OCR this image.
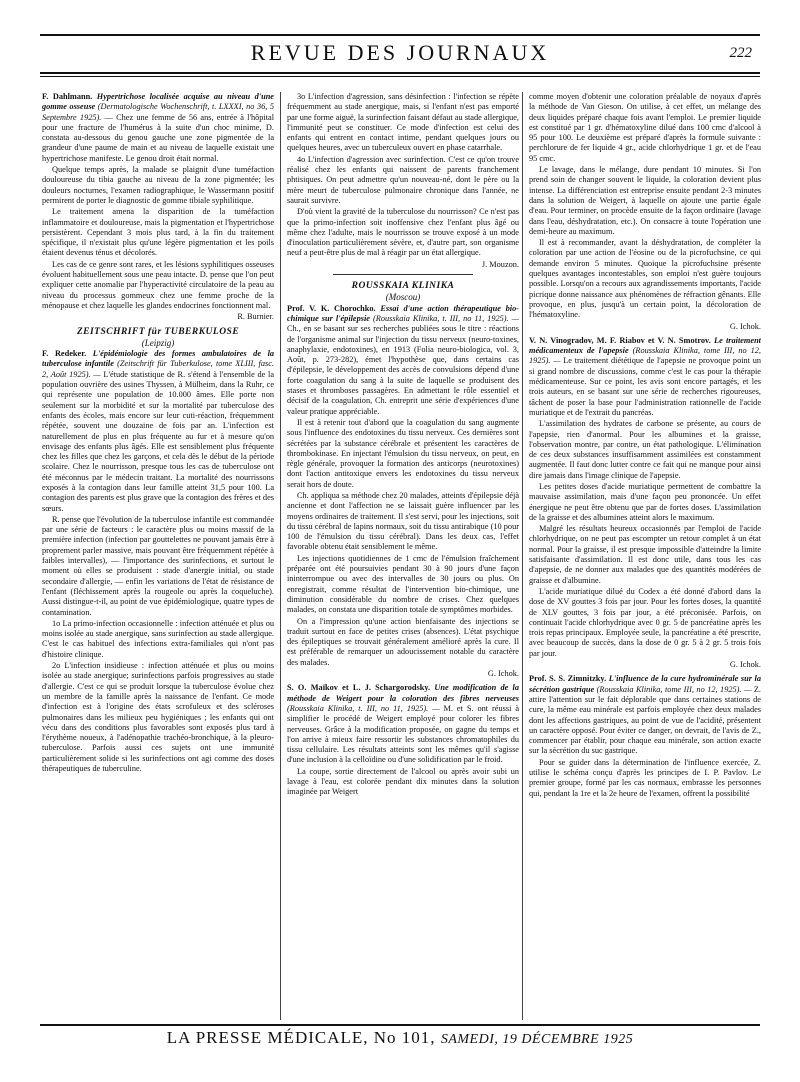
REVUE DES JOURNAUX	222

F. Dahlmann. Hypertrichose localisée acquise au niveau d'une gomme osseuse (Dermatologische Wochenschrift, t. LXXXI, no 36, 5 Septembre 1925). — Chez une femme de 56 ans, entrée à l'hôpital pour une fracture de l'humérus à la suite d'un choc minime, D. constata au-dessous du genou gauche une zone pigmentée de la grandeur d'une paume de main et au niveau de laquelle existait une hypertrichose manifeste. Le genou droit était normal.

Quelque temps après, la malade se plaignit d'une tuméfaction douloureuse du tibia gauche au niveau de la zone pigmentée; les douleurs nocturnes, l'examen radiographique, le Wassermann positif permirent de porter le diagnostic de gomme tibiale syphilitique.

Le traitement amena la disparition de la tuméfaction inflammatoire et douloureuse, mais la pigmentation et l'hypertrichose persistèrent. Cependant 3 mois plus tard, à la fin du traitement spécifique, il n'existait plus qu'une légère pigmentation et les poils étaient devenus ténus et décolorés.

Les cas de ce genre sont rares, et les lésions syphilitiques osseuses évoluent habituellement sous une peau intacte. D. pense que l'on peut expliquer cette anomalie par l'hyperactivité circulatoire de la peau au niveau du processus gommeux chez une femme proche de la ménopause et chez laquelle les glandes endocrines fonctionnent mal.

R. Burnier.

ZEITSCHRIFT für TUBERKULOSE

(Leipzig)

F. Redeker. L'épidémiologie des formes ambulatoires de la tuberculose infantile (Zeitschrift für Tuberkulose, tome XLIII, fasc. 2, Août 1925). — L'étude statistique de R. s'étend à l'ensemble de la population ouvrière des usines Thyssen, à Mülheim, dans la Ruhr, ce qui représente une population de 10.000 âmes. Elle porte non seulement sur la morbidité et sur la mortalité par tuberculose des enfants des écoles, mais encore sur leur cuti-réaction, fréquemment répétée, souvent une douzaine de fois par an. L'infection est naturellement de plus en plus fréquente au fur et à mesure qu'on envisage des enfants plus âgés. Elle est sensiblement plus fréquente chez les filles que chez les garçons, et cela dès le début de la période scolaire. Chez le nourrisson, presque tous les cas de tuberculose ont été méconnus par le médecin traitant. La mortalité des nourrissons exposés à la contagion dans leur famille atteint 31,5 pour 100. La contagion des parents est plus grave que la contagion des frères et des sœurs.

R. pense que l'évolution de la tuberculose infantile est commandée par une série de facteurs : le caractère plus ou moins massif de la première infection (infection par gouttelettes ne pouvant jamais être à proprement parler massive, mais pouvant être fréquemment répétée à faibles intervalles), — l'importance des surinfections, et surtout le moment où elles se produisent : stade d'anergie initial, ou stade secondaire d'allergie, — enfin les variations de l'état de résistance de l'enfant (fléchissement après la rougeole ou après la coqueluche). Aussi distingue-t-il, au point de vue épidémiologique, quatre types de contamination.

1o La primo-infection occasionnelle : infection atténuée et plus ou moins isolée au stade anergique, sans surinfection au stade allergique. C'est le cas habituel des infections extra-familiales qui n'ont pas d'histoire clinique.

2o L'infection insidieuse : infection atténuée et plus ou moins isolée au stade anergique; surinfections parfois progressives au stade d'allergie. C'est ce qui se produit lorsque la tuberculose évolue chez un membre de la famille après la naissance de l'enfant. Ce mode d'infection est à l'origine des états scrofuleux et des scléroses pulmonaires dans les milieux peu hygiéniques ; les enfants qui ont vécu dans des conditions plus favorables sont exposés plus tard à l'érythème noueux, à l'adénopathie trachéo-bronchique, à la pleuro-tuberculose. Parfois aussi ces sujets ont une immunité particulièrement solide si les surinfections ont agi comme des doses thérapeutiques de tuberculine.

3o L'infection d'agression, sans désinfection : l'infection se répète fréquemment au stade anergique, mais, si l'enfant n'est pas emporté par une forme aiguë, la surinfection faisant défaut au stade allergique, l'immunité peut se constituer. Ce mode d'infection est celui des enfants qui entrent en contact intime, pendant quelques jours ou quelques heures, avec un tuberculeux ouvert en phase catarrhale.

4o L'infection d'agression avec surinfection. C'est ce qu'on trouve réalisé chez les enfants qui naissent de parents franchement phtisiques. On peut admettre qu'un nouveau-né, dont le père ou la mère meurt de tuberculose pulmonaire chronique dans l'année, ne saurait survivre.

D'où vient la gravité de la tuberculose du nourrisson? Ce n'est pas que la primo-infection soit inoffensive chez l'enfant plus âgé ou même chez l'adulte, mais le nourrisson se trouve exposé à un mode d'inoculation particulièrement sévère, et, d'autre part, son organisme neuf a peut-être plus de mal à réagir par un état allergique.

J. Mouzon.

ROUSSKAIA KLINIKA

(Moscou)

Prof. V. K. Chorochko. Essai d'une action thérapeutique bio-chimique sur l'épilepsie (Rousskaia Klinika, t. III, no 11, 1925). — Ch., en se basant sur ses recherches publiées sous le titre : réactions de l'organisme animal sur l'injection du tissu nerveux (neuro-toxines, anaphylaxie, endotoxines), en 1913 (Folia neuro-biologica, vol. 3, Août, p. 273-282), émet l'hypothèse que, dans certains cas d'épilepsie, le développement des accès de convulsions dépend d'une forte coagulation du sang à la suite de laquelle se produisent des stases et thromboses passagères. En admettant le rôle essentiel et décisif de la coagulation, Ch. entreprit une série d'expériences d'une valeur pratique appréciable.

Il est à retenir tout d'abord que la coagulation du sang augmente sous l'influence des endotoxines du tissu nerveux. Ces dernières sont sécrétées par la substance cérébrale et présentent les caractères de thrombokinase. En injectant l'émulsion du tissu nerveux, on peut, en règle générale, provoquer la formation des anticorps (neurotoxines) dont l'action antitoxique envers les endotoxines du tissu nerveux serait hors de doute.

Ch. appliqua sa méthode chez 20 malades, atteints d'épilepsie déjà ancienne et dont l'affection ne se laissait guère influencer par les moyens ordinaires de traitement. Il s'est servi, pour les injections, soit du tissu cérébral de lapins normaux, soit du tissu antirabique (10 pour 100 de l'émulsion du tissu cérébral). Dans les deux cas, l'effet favorable obtenu était sensiblement le même.

Les injections quotidiennes de 1 cmc de l'émulsion fraîchement préparée ont été poursuivies pendant 30 à 90 jours d'une façon ininterrompue ou avec des intervalles de 30 jours ou plus. On enregistrait, comme résultat de l'intervention bio-chimique, une diminution considérable du nombre de crises. Chez quelques malades, on constata une disparition totale de symptômes morbides.

On a l'impression qu'une action bienfaisante des injections se traduit surtout en face de petites crises (absences). L'état psychique des épileptiques se trouvait généralement amélioré après la cure. Il est préférable de remarquer un adoucissement notable du caractère des malades.

G. Ichok.

S. O. Maïkov et L. J. Schargorodsky. Une modification de la méthode de Weigert pour la coloration des fibres nerveuses (Rousskaia Klinika, t. III, no 11, 1925). — M. et S. ont réussi à simplifier le procédé de Weigert employé pour colorer les fibres nerveuses. Grâce à la modification proposée, on gagne du temps et l'on arrive à mieux faire ressortir les substances chromatophiles du tissu cellulaire. Les résultats atteints sont les mêmes qu'il s'agisse d'une inclusion à la celloïdine ou d'une solidification par le froid.

La coupe, sortie directement de l'alcool ou après avoir subi un lavage à l'eau, est colorée pendant dix minutes dans la solution imaginée par Weigert

comme moyen d'obtenir une coloration préalable de noyaux d'après la méthode de Van Gieson. On utilise, à cet effet, un mélange des deux liquides préparé chaque fois avant l'emploi. Le premier liquide est constitué par 1 gr. d'hématoxyline dilué dans 100 cmc d'alcool à 95 pour 100. Le deuxième est préparé d'après la formule suivante : perchlorure de fer liquide 4 gr., acide chlorhydrique 1 gr. et de l'eau 95 cmc.

Le lavage, dans le mélange, dure pendant 10 minutes. Si l'on prend soin de changer souvent le liquide, la coloration devient plus intense. La différenciation est entreprise ensuite pendant 2-3 minutes dans la solution de Weigert, à laquelle on ajoute une partie égale d'eau. Pour terminer, on procède ensuite de la façon ordinaire (lavage dans l'eau, déshydratation, etc.). On consacre à toute l'opération une demi-heure au maximum.

Il est à recommander, avant la déshydratation, de compléter la coloration par une action de l'éosine ou de la picrofuchsine, ce qui demande environ 5 minutes. Quoique la picrofuchsine présente quelques avantages incontestables, son emploi n'est guère toujours possible. Lorsqu'on a recours aux agrandissements importants, l'acide picrique donne naissance aux phénomènes de réfraction gênants. Elle provoque, en plus, jusqu'à un certain point, la décoloration de l'hématoxyline.

G. Ichok.

V. N. Vinogradov, M. F. Riabov et V. N. Smotrov. Le traitement médicamenteux de l'apepsie (Rousskaia Klinika, tome III, no 12, 1925). — Le traitement diététique de l'apepsie ne provoque point un si grand nombre de discussions, comme c'est le cas pour la thérapie médicamenteuse. Sur ce point, les avis sont encore partagés, et les trois auteurs, en se basant sur une série de recherches rigoureuses, tâchent de poser la base pour l'administration rationnelle de l'acide muriatique et de l'extrait du pancréas.

L'assimilation des hydrates de carbone se présente, au cours de l'apepsie, rien d'anormal. Pour les albumines et la graisse, l'observation montre, par contre, un état pathologique. L'élimination de ces deux substances insuffisamment assimilées est constamment augmentée. Il faut donc lutter contre ce fait qui ne manque pour ainsi dire jamais dans l'image clinique de l'apepsie.

Les petites doses d'acide muriatique permettent de combattre la mauvaise assimilation, mais d'une façon peu prononcée. Un effet énergique ne peut être obtenu que par de fortes doses. L'assimilation de la graisse et des albumines atteint alors le maximum.

Malgré les résultats heureux occasionnés par l'emploi de l'acide chlorhydrique, on ne peut pas escompter un retour complet à un état normal. Pour la graisse, il est presque impossible d'atteindre la limite satisfaisante d'assimilation. Il est donc utile, dans tous les cas d'apepsie, de ne donner aux malades que des quantités modérées de graisse et d'albumine.

L'acide muriatique dilué du Codex a été donné d'abord dans la dose de XV gouttes 3 fois par jour. Pour les fortes doses, la quantité de XLV gouttes, 3 fois par jour, a été préconisée. Parfois, on continuait l'acide chlorhydrique avec 0 gr. 5 de pancréatine après les trois repas principaux. Employée seule, la pancréatine a été prescrite, avec beaucoup de succès, dans la dose de 0 gr. 5 à 2 gr. 5 trois fois par jour.

G. Ichok.

Prof. S. S. Zimnitzky. L'influence de la cure hydrominérale sur la sécrétion gastrique (Rousskaia Klinika, tome III, no 12, 1925). — Z. attire l'attention sur le fait déplorable que dans certaines stations de cure, la même eau minérale est parfois employée chez deux malades dont les affections gastriques, au point de vue de l'acidité, présentent un caractère opposé. Pour éviter ce danger, on devrait, de l'avis de Z., commencer par établir, pour chaque eau minérale, son action exacte sur la sécrétion du suc gastrique.

Pour se guider dans la détermination de l'influence exercée, Z. utilise le schéma conçu d'après les principes de I. P. Pavlov. Le premier groupe, formé par les cas normaux, embrasse les personnes qui, pendant la 1re et la 2e heure de l'examen, offrent la possibilité

LA PRESSE MÉDICALE, No 101, SAMEDI, 19 DÉCEMBRE 1925
